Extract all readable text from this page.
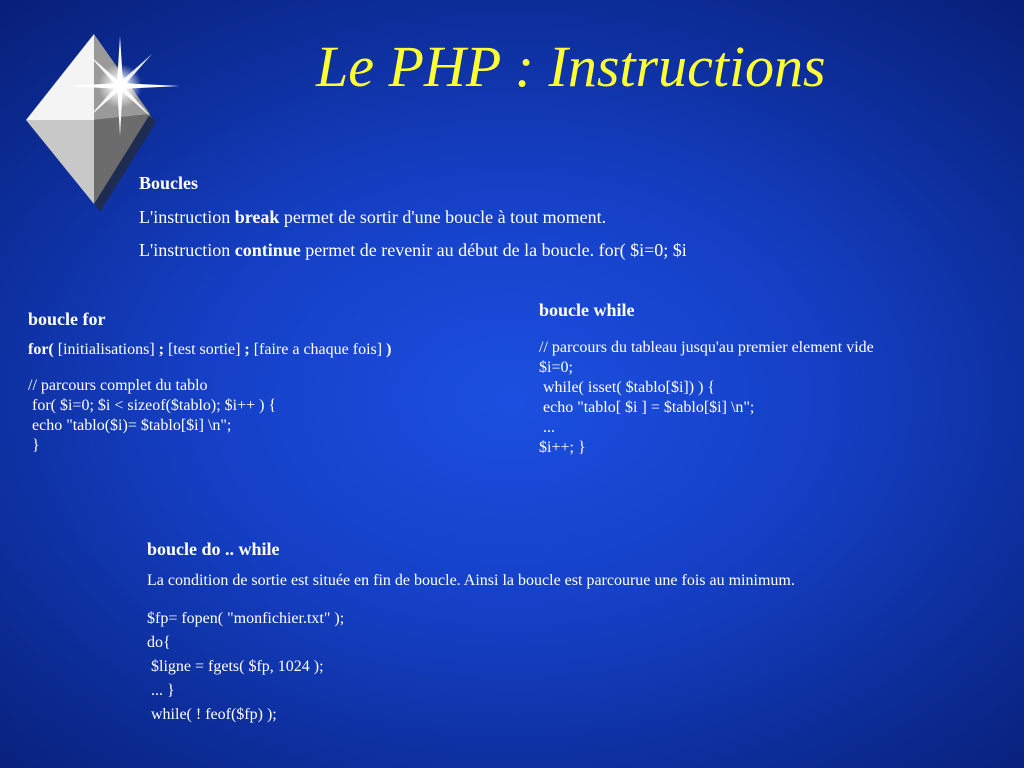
Le PHP : Instructions

Boucles

L'instruction break permet de sortir d'une boucle à tout moment.

L'instruction continue permet de revenir au début de la boucle. for( $i=0; $i

boucle for

for( [initialisations] ; [test sortie] ; [faire a chaque fois] )

// parcours complet du tablo
for( $i=0; $i < sizeof($tablo); $i++ ) {
echo "tablo($i)= $tablo[$i] \n";
}

boucle while

// parcours du tableau jusqu'au premier element vide
$i=0;
while( isset( $tablo[$i]) ) {
echo "tablo[ $i ] = $tablo[$i] \n";
...
$i++; }

boucle do .. while

La condition de sortie est située en fin de boucle. Ainsi la boucle est parcourue une fois au minimum.

$fp= fopen( "monfichier.txt" );
do{
$ligne = fgets( $fp, 1024 );
... }
while( ! feof($fp) );
